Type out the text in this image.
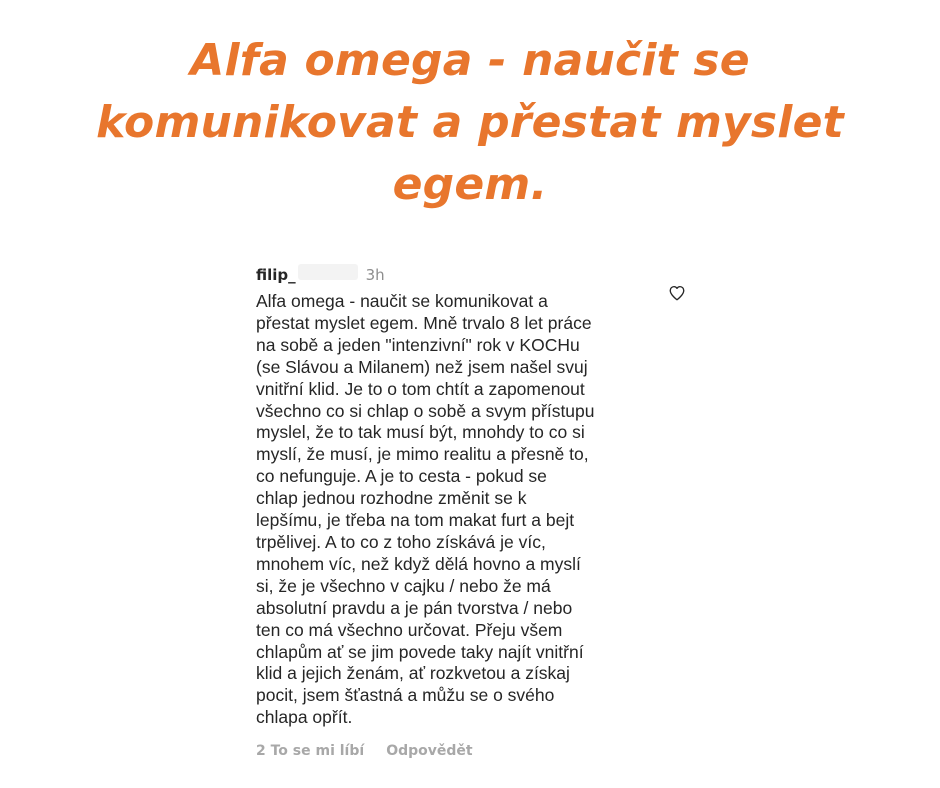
Alfa omega - naučit se
komunikovat a přestat myslet
egem.
filip_	3h
Alfa omega - naučit se komunikovat a
přestat myslet egem. Mně trvalo 8 let práce
na sobě a jeden "intenzivní" rok v KOCHu
(se Slávou a Milanem) než jsem našel svuj
vnitřní klid. Je to o tom chtít a zapomenout
všechno co si chlap o sobě a svym přístupu
myslel, že to tak musí být, mnohdy to co si
myslí, že musí, je mimo realitu a přesně to,
co nefunguje. A je to cesta - pokud se
chlap jednou rozhodne změnit se k
lepšímu, je třeba na tom makat furt a bejt
trpělivej. A to co z toho získává je víc,
mnohem víc, než když dělá hovno a myslí
si, že je všechno v cajku / nebo že má
absolutní pravdu a je pán tvorstva / nebo
ten co má všechno určovat. Přeju všem
chlapům ať se jim povede taky najít vnitřní
klid a jejich ženám, ať rozkvetou a získaj
pocit, jsem šťastná a můžu se o svého
chlapa opřít.
2 To se mi líbí Odpovědět
